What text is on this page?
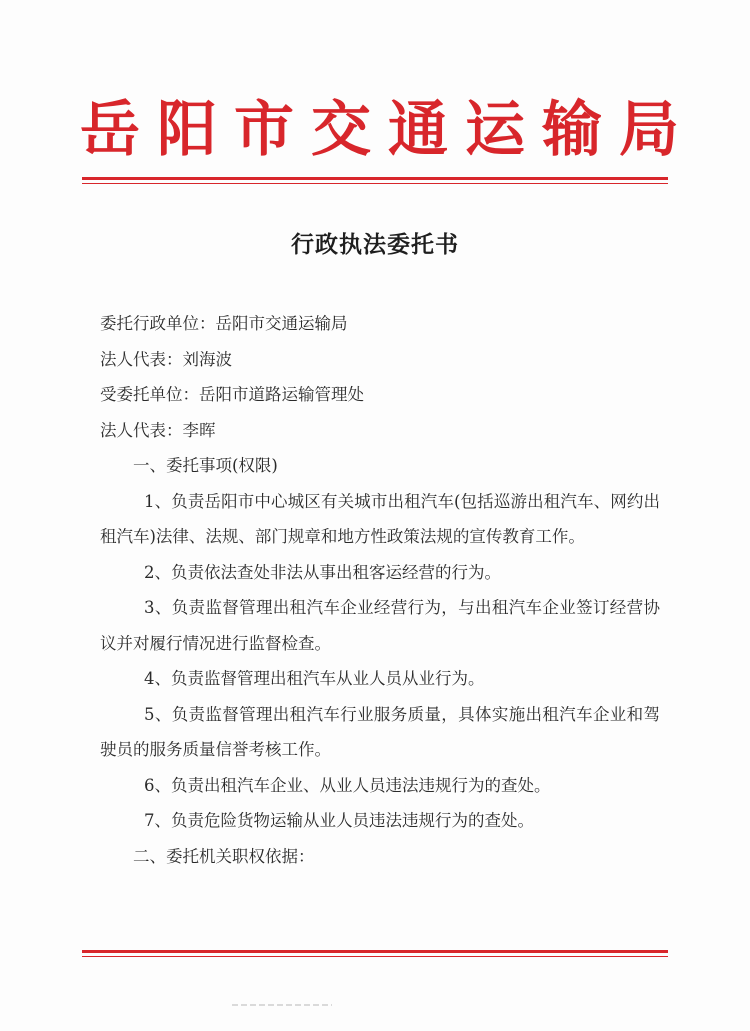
岳阳市交通运输局
行政执法委托书

委托行政单位：岳阳市交通运输局

法人代表：刘海波

受委托单位：岳阳市道路运输管理处

法人代表：李晖

一、委托事项(权限)

1、负责岳阳市中心城区有关城市出租汽车(包括巡游出租汽车、网约出租汽车)法律、法规、部门规章和地方性政策法规的宣传教育工作。

2、负责依法查处非法从事出租客运经营的行为。

3、负责监督管理出租汽车企业经营行为，与出租汽车企业签订经营协议并对履行情况进行监督检查。

4、负责监督管理出租汽车从业人员从业行为。

5、负责监督管理出租汽车行业服务质量，具体实施出租汽车企业和驾驶员的服务质量信誉考核工作。

6、负责出租汽车企业、从业人员违法违规行为的查处。

7、负责危险货物运输从业人员违法违规行为的查处。

二、委托机关职权依据：
